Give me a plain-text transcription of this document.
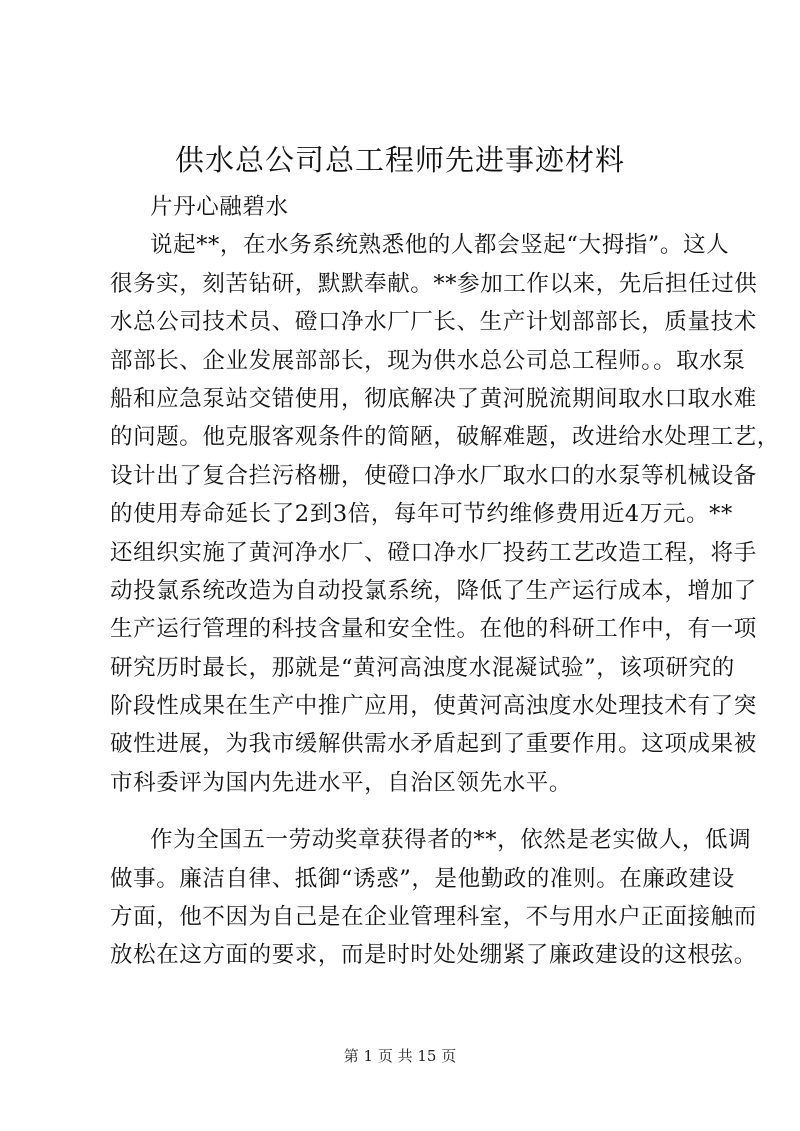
供水总公司总工程师先进事迹材料
片丹心融碧水
说起**，在水务系统熟悉他的人都会竖起“大拇指”。这人
很务实，刻苦钻研，默默奉献。**参加工作以来，先后担任过供
水总公司技术员、磴口净水厂厂长、生产计划部部长，质量技术
部部长、企业发展部部长，现为供水总公司总工程师。。取水泵
船和应急泵站交错使用，彻底解决了黄河脱流期间取水口取水难
的问题。他克服客观条件的简陋，破解难题，改进给水处理工艺，
设计出了复合拦污格栅，使磴口净水厂取水口的水泵等机械设备
的使用寿命延长了2到3倍，每年可节约维修费用近4万元。**
还组织实施了黄河净水厂、磴口净水厂投药工艺改造工程，将手
动投氯系统改造为自动投氯系统，降低了生产运行成本，增加了
生产运行管理的科技含量和安全性。在他的科研工作中，有一项
研究历时最长，那就是“黄河高浊度水混凝试验”，该项研究的
阶段性成果在生产中推广应用，使黄河高浊度水处理技术有了突
破性进展，为我市缓解供需水矛盾起到了重要作用。这项成果被
市科委评为国内先进水平，自治区领先水平。
作为全国五一劳动奖章获得者的**，依然是老实做人，低调
做事。廉洁自律、抵御“诱惑”，是他勤政的准则。在廉政建设
方面，他不因为自己是在企业管理科室，不与用水户正面接触而
放松在这方面的要求，而是时时处处绷紧了廉政建设的这根弦。
第 1 页 共 15 页
